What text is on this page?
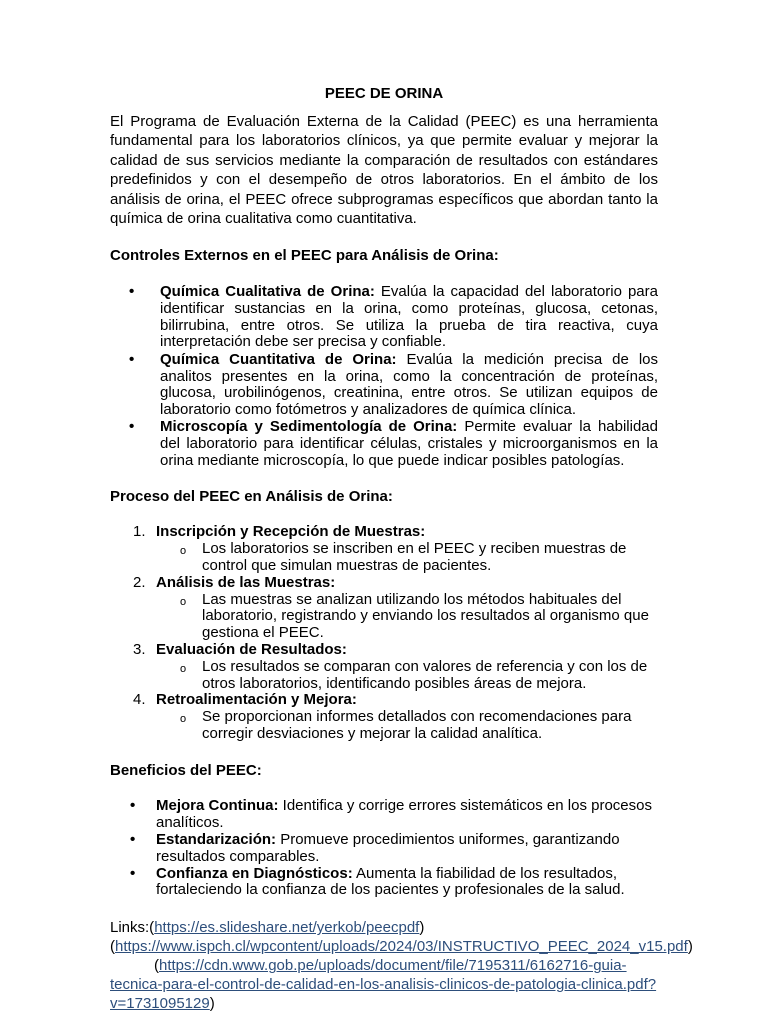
PEEC DE ORINA

El Programa de Evaluación Externa de la Calidad (PEEC) es una herramienta fundamental para los laboratorios clínicos, ya que permite evaluar y mejorar la calidad de sus servicios mediante la comparación de resultados con estándares predefinidos y con el desempeño de otros laboratorios. En el ámbito de los análisis de orina, el PEEC ofrece subprogramas específicos que abordan tanto la química de orina cualitativa como cuantitativa.

Controles Externos en el PEEC para Análisis de Orina:
• Química Cualitativa de Orina: Evalúa la capacidad del laboratorio para identificar sustancias en la orina, como proteínas, glucosa, cetonas, bilirrubina, entre otros. Se utiliza la prueba de tira reactiva, cuya interpretación debe ser precisa y confiable.
• Química Cuantitativa de Orina: Evalúa la medición precisa de los analitos presentes en la orina, como la concentración de proteínas, glucosa, urobilinógenos, creatinina, entre otros. Se utilizan equipos de laboratorio como fotómetros y analizadores de química clínica.
• Microscopía y Sedimentología de Orina: Permite evaluar la habilidad del laboratorio para identificar células, cristales y microorganismos en la orina mediante microscopía, lo que puede indicar posibles patologías.
Proceso del PEEC en Análisis de Orina:
1. Inscripción y Recepción de Muestras:
o Los laboratorios se inscriben en el PEEC y reciben muestras de control que simulan muestras de pacientes.
2. Análisis de las Muestras:
o Las muestras se analizan utilizando los métodos habituales del laboratorio, registrando y enviando los resultados al organismo que gestiona el PEEC.
3. Evaluación de Resultados:
o Los resultados se comparan con valores de referencia y con los de otros laboratorios, identificando posibles áreas de mejora.
4. Retroalimentación y Mejora:
o Se proporcionan informes detallados con recomendaciones para corregir desviaciones y mejorar la calidad analítica.
Beneficios del PEEC:
• Mejora Continua: Identifica y corrige errores sistemáticos en los procesos analíticos.
• Estandarización: Promueve procedimientos uniformes, garantizando resultados comparables.
• Confianza en Diagnósticos: Aumenta la fiabilidad de los resultados, fortaleciendo la confianza de los pacientes y profesionales de la salud.
Links:(https://es.slideshare.net/yerkob/peecpdf) (https://www.ispch.cl/wpcontent/uploads/2024/03/INSTRUCTIVO_PEEC_2024_v15.pdf)(https://cdn.www.gob.pe/uploads/document/file/7195311/6162716-guia-tecnica-para-el-control-de-calidad-en-los-analisis-clinicos-de-patologia-clinica.pdf?v=1731095129)
